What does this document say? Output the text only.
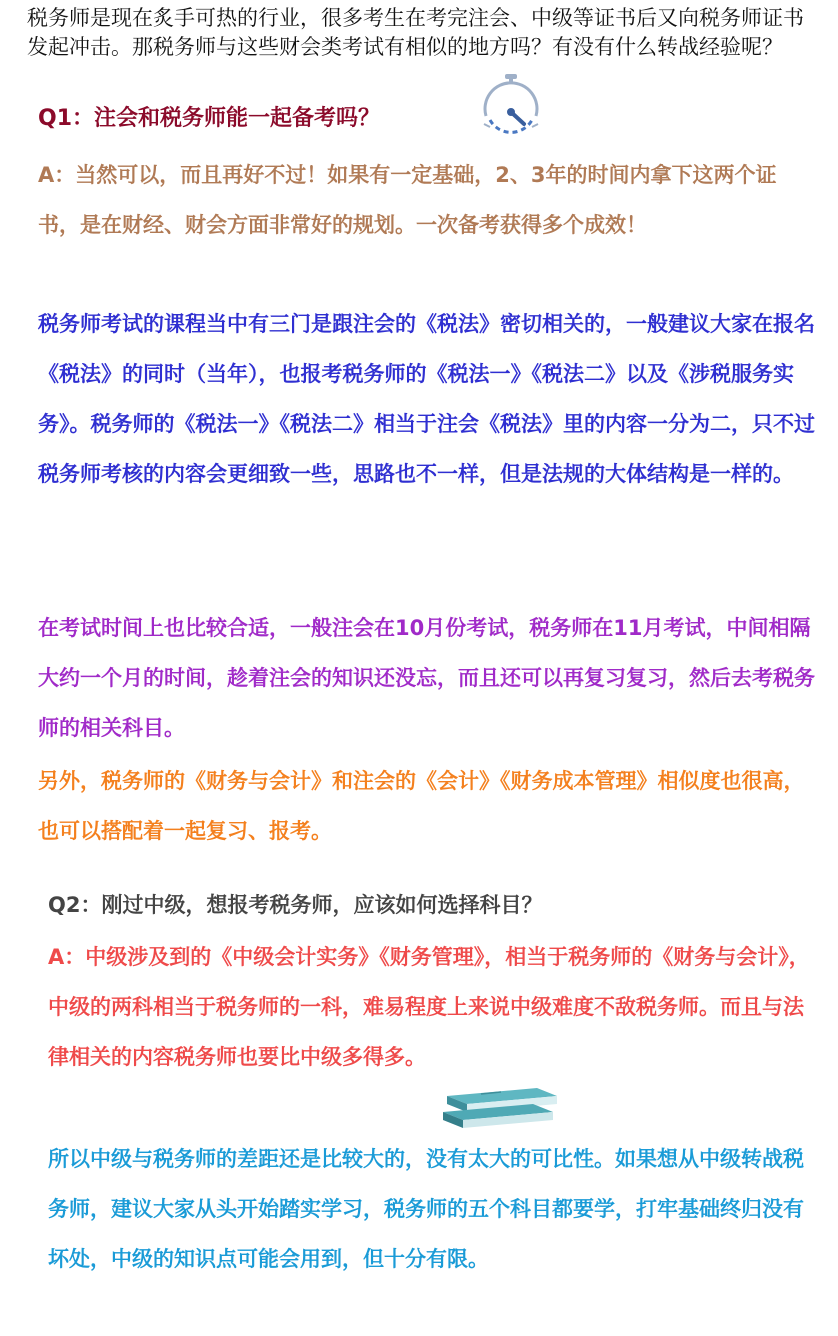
税务师是现在炙手可热的行业，很多考生在考完注会、中级等证书后又向税务师证书发起冲击。那税务师与这些财会类考试有相似的地方吗？有没有什么转战经验呢？

Q1：注会和税务师能一起备考吗？

A：当然可以，而且再好不过！如果有一定基础，2、3年的时间内拿下这两个证书，是在财经、财会方面非常好的规划。一次备考获得多个成效！

税务师考试的课程当中有三门是跟注会的《税法》密切相关的，一般建议大家在报名《税法》的同时（当年），也报考税务师的《税法一》《税法二》以及《涉税服务实务》。税务师的《税法一》《税法二》相当于注会《税法》里的内容一分为二，只不过税务师考核的内容会更细致一些，思路也不一样，但是法规的大体结构是一样的。

在考试时间上也比较合适，一般注会在10月份考试，税务师在11月考试，中间相隔大约一个月的时间，趁着注会的知识还没忘，而且还可以再复习复习，然后去考税务师的相关科目。

另外，税务师的《财务与会计》和注会的《会计》《财务成本管理》相似度也很高，也可以搭配着一起复习、报考。

Q2：刚过中级，想报考税务师，应该如何选择科目？

A：中级涉及到的《中级会计实务》《财务管理》，相当于税务师的《财务与会计》，中级的两科相当于税务师的一科，难易程度上来说中级难度不敌税务师。而且与法律相关的内容税务师也要比中级多得多。

所以中级与税务师的差距还是比较大的，没有太大的可比性。如果想从中级转战税务师，建议大家从头开始踏实学习，税务师的五个科目都要学，打牢基础终归没有坏处，中级的知识点可能会用到，但十分有限。
